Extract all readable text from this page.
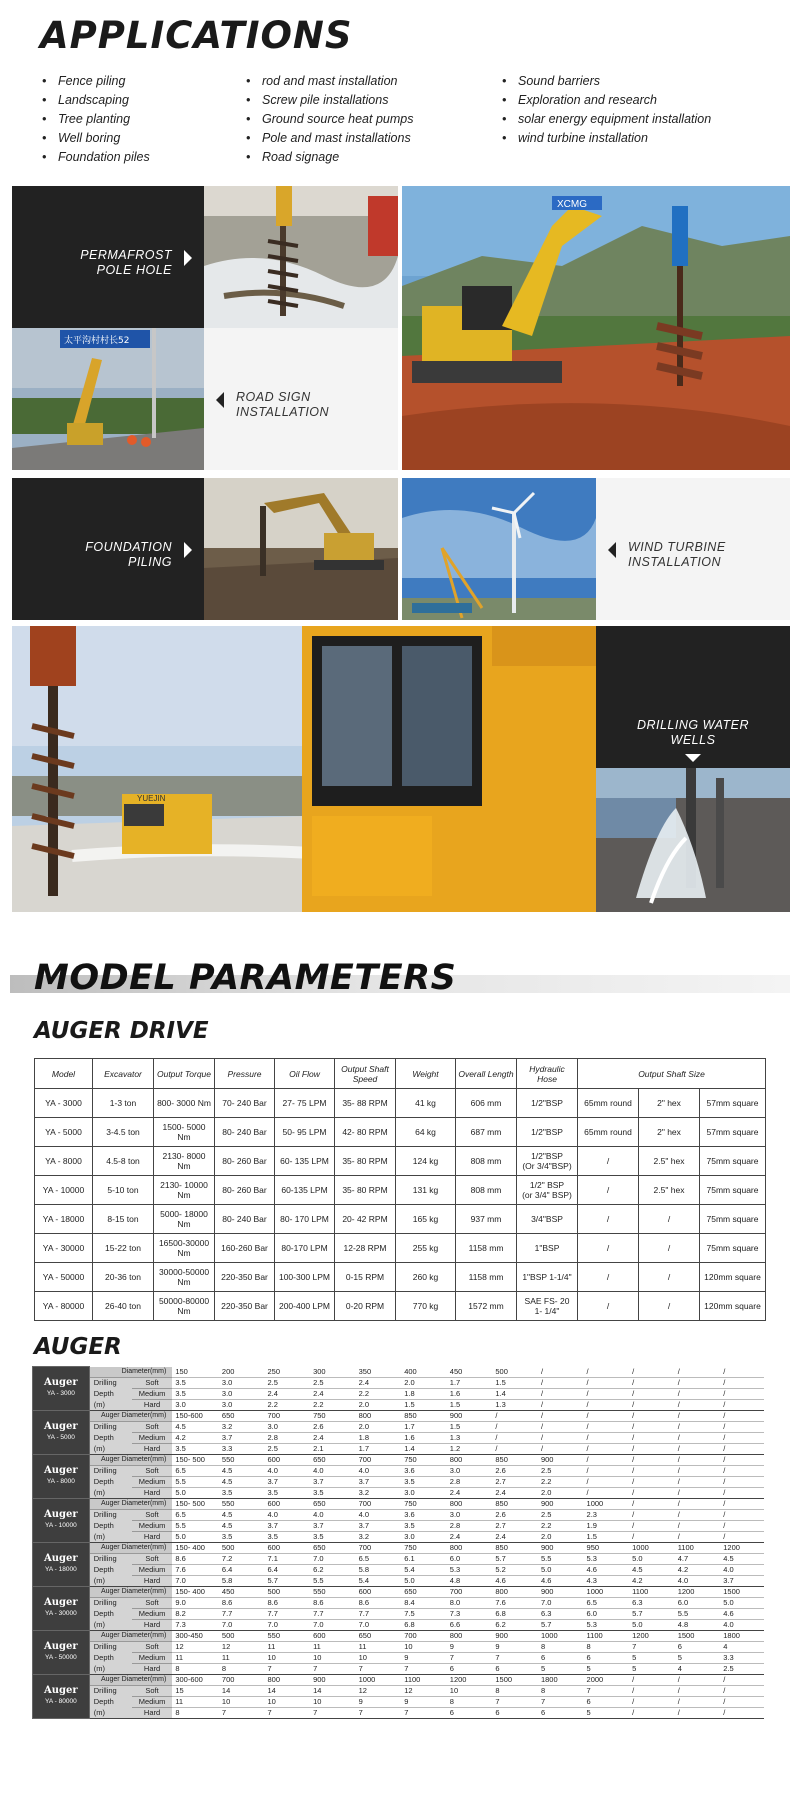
APPLICATIONS
• Fence piling
• Landscaping
• Tree planting
• Well boring
• Foundation piles
• rod and mast installation
• Screw pile installations
• Ground source heat pumps
• Pole and mast installations
• Road signage
• Sound barriers
• Exploration and research
• solar energy equipment installation
• wind turbine installation
PERMAFROST
POLE HOLE
XCMG
太平沟村村长52
ROAD SIGN
INSTALLATION
FOUNDATION
PILING
WIND TURBINE
INSTALLATION
YUEJIN
DRILLING WATER
WELLS
MODEL PARAMETERS
AUGER DRIVE
Model	Excavator	Output Torque	Pressure	Oil Flow	Output Shaft Speed	Weight	Overall Length	Hydraulic Hose	Output Shaft Size		
YA - 3000	1-3 ton	800- 3000 Nm	70- 240 Bar	27- 75 LPM	35- 88 RPM	41 kg	606 mm	1/2"BSP	65mm round	2" hex	57mm square
YA - 5000	3-4.5 ton	1500- 5000 Nm	80- 240 Bar	50- 95 LPM	42- 80 RPM	64 kg	687 mm	1/2"BSP	65mm round	2" hex	57mm square
YA - 8000	4.5-8 ton	2130- 8000 Nm	80- 260 Bar	60- 135 LPM	35- 80 RPM	124 kg	808 mm	1/2"BSP
(Or 3/4"BSP)	/	2.5" hex	75mm square
YA - 10000	5-10 ton	2130- 10000 Nm	80- 260 Bar	60-135 LPM	35- 80 RPM	131 kg	808 mm	1/2" BSP
(or 3/4" BSP)	/	2.5" hex	75mm square
YA - 18000	8-15 ton	5000- 18000 Nm	80- 240 Bar	80- 170 LPM	20- 42 RPM	165 kg	937 mm	3/4"BSP	/	/	75mm square
YA - 30000	15-22 ton	16500-30000 Nm	160-260 Bar	80-170 LPM	12-28 RPM	255 kg	1158 mm	1"BSP	/	/	75mm square
YA - 50000	20-36 ton	30000-50000 Nm	220-350 Bar	100-300 LPM	0-15 RPM	260 kg	1158 mm	1"BSP 1-1/4"	/	/	120mm square
YA - 80000	26-40 ton	50000-80000 Nm	220-350 Bar	200-400 LPM	0-20 RPM	770 kg	1572 mm	SAE FS- 20
1- 1/4"	/	/	120mm square
AUGER
Auger
YA - 3000	Diameter(mm)		150	200	250	300	350	400	450	500	/	/	/	/	/
	Drilling	Soft	3.5	3.0	2.5	2.5	2.4	2.0	1.7	1.5	/	/	/	/	/
	Depth	Medium	3.5	3.0	2.4	2.4	2.2	1.8	1.6	1.4	/	/	/	/	/
	(m)	Hard	3.0	3.0	2.2	2.2	2.0	1.5	1.5	1.3	/	/	/	/	/

Auger
YA - 5000	Auger Diameter(mm)		150-600	650	700	750	800	850	900	/	/	/	/	/	/
	Drilling	Soft	4.5	3.2	3.0	2.6	2.0	1.7	1.5	/	/	/	/	/	/
	Depth	Medium	4.2	3.7	2.8	2.4	1.8	1.6	1.3	/	/	/	/	/	/
	(m)	Hard	3.5	3.3	2.5	2.1	1.7	1.4	1.2	/	/	/	/	/	/

Auger
YA - 8000	Auger Diameter(mm)		150- 500	550	600	650	700	750	800	850	900	/	/	/	/
	Drilling	Soft	6.5	4.5	4.0	4.0	4.0	3.6	3.0	2.6	2.5	/	/	/	/
	Depth	Medium	5.5	4.5	3.7	3.7	3.7	3.5	2.8	2.7	2.2	/	/	/	/
	(m)	Hard	5.0	3.5	3.5	3.5	3.2	3.0	2.4	2.4	2.0	/	/	/	/

Auger
YA - 10000	Auger Diameter(mm)		150- 500	550	600	650	700	750	800	850	900	1000	/	/	/
	Drilling	Soft	6.5	4.5	4.0	4.0	4.0	3.6	3.0	2.6	2.5	2.3	/	/	/
	Depth	Medium	5.5	4.5	3.7	3.7	3.7	3.5	2.8	2.7	2.2	1.9	/	/	/
	(m)	Hard	5.0	3.5	3.5	3.5	3.2	3.0	2.4	2.4	2.0	1.5	/	/	/

Auger
YA - 18000	Auger Diameter(mm)		150- 400	500	600	650	700	750	800	850	900	950	1000	1100	1200
	Drilling	Soft	8.6	7.2	7.1	7.0	6.5	6.1	6.0	5.7	5.5	5.3	5.0	4.7	4.5
	Depth	Medium	7.6	6.4	6.4	6.2	5.8	5.4	5.3	5.2	5.0	4.6	4.5	4.2	4.0
	(m)	Hard	7.0	5.8	5.7	5.5	5.4	5.0	4.8	4.6	4.6	4.3	4.2	4.0	3.7

Auger
YA - 30000	Auger Diameter(mm)		150- 400	450	500	550	600	650	700	800	900	1000	1100	1200	1500
	Drilling	Soft	9.0	8.6	8.6	8.6	8.6	8.4	8.0	7.6	7.0	6.5	6.3	6.0	5.0
	Depth	Medium	8.2	7.7	7.7	7.7	7.7	7.5	7.3	6.8	6.3	6.0	5.7	5.5	4.6
	(m)	Hard	7.3	7.0	7.0	7.0	7.0	6.8	6.6	6.2	5.7	5.3	5.0	4.8	4.0

Auger
YA - 50000	Auger Diameter(mm)		300-450	500	550	600	650	700	800	900	1000	1100	1200	1500	1800
	Drilling	Soft	12	12	11	11	11	10	9	9	8	8	7	6	4
	Depth	Medium	11	11	10	10	10	9	7	7	6	6	5	5	3.3
	(m)	Hard	8	8	7	7	7	7	6	6	5	5	5	4	2.5

Auger
YA - 80000	Auger Diameter(mm)		300-600	700	800	900	1000	1100	1200	1500	1800	2000	/	/	/
	Drilling	Soft	15	14	14	14	12	12	10	8	8	7	/	/	/
	Depth	Medium	11	10	10	10	9	9	8	7	7	6	/	/	/
	(m)	Hard	8	7	7	7	7	7	6	6	6	5	/	/	/
